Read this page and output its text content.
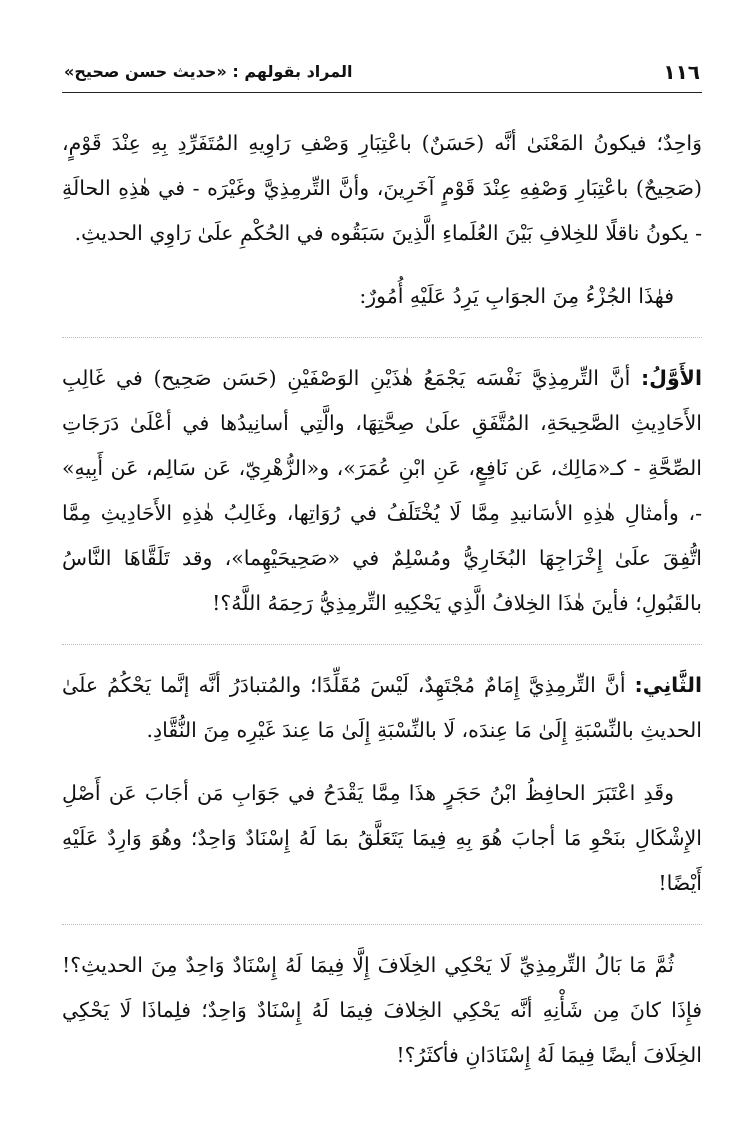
١١٦
المراد بقولهم : «حديث حسن صحيح»

وَاحِدٌ؛ فيكونُ المَعْنَىٰ أنَّه (حَسَنٌ) باعْتِبَارِ وَصْفِ رَاوِيهِ المُتَفَرِّدِ بِهِ عِنْدَ قَوْمٍ، (صَحِيحٌ) باعْتِبَارِ وَصْفِهِ عِنْدَ قَوْمٍ آخَرِينَ، وأنَّ التِّرمِذِيَّ وغَيْرَه - في هٰذِهِ الحالَةِ - يكونُ ناقلًا للخِلافِ بَيْنَ العُلَماءِ الَّذِينَ سَبَقُوه في الحُكْمِ علَىٰ رَاوِي الحديثِ.

فهٰذَا الجُزْءُ مِنَ الجوَابِ يَرِدُ عَلَيْهِ أُمُورٌ:

الأَوَّلُ: أنَّ التِّرمِذِيَّ نَفْسَه يَجْمَعُ هٰذَيْنِ الوَصْفَيْنِ (حَسَن صَحِيح) في غَالِبِ الأَحَادِيثِ الصَّحِيحَةِ، المُتَّفَقِ علَىٰ صِحَّتِهَا، والَّتِي أسانِيدُها في أعْلَىٰ دَرَجَاتِ الصِّحَّةِ - كـ«مَالِك، عَن نَافِعٍ، عَنِ ابْنِ عُمَرَ»، و«الزُّهْرِيّ، عَن سَالِم، عَن أَبِيهِ» -، وأمثالِ هٰذِهِ الأسَانيدِ مِمَّا لَا يُخْتَلَفُ في رُوَاتِها، وغَالِبُ هٰذِهِ الأَحَادِيثِ مِمَّا اتُّفِقَ علَىٰ إِخْرَاجِهَا البُخَارِيُّ ومُسْلِمٌ في «صَحِيحَيْهِما»، وقد تَلَقَّاهَا النَّاسُ بالقَبُولِ؛ فأينَ هٰذَا الخِلافُ الَّذِي يَحْكِيهِ التِّرمِذِيُّ رَحِمَهُ اللَّهُ؟!

الثَّانِي: أنَّ التِّرمِذِيَّ إِمَامٌ مُجْتَهِدٌ، لَيْسَ مُقَلِّدًا؛ والمُتبادَرُ أنَّه إنَّما يَحْكُمُ علَىٰ الحديثِ بالنِّسْبَةِ إِلَىٰ مَا عِندَه، لَا بالنِّسْبَةِ إِلَىٰ مَا عِندَ غَيْرِه مِنَ النُّقَّادِ.

وقَدِ اعْتَبَرَ الحافِظُ ابْنُ حَجَرٍ هذَا مِمَّا يَقْدَحُ في جَوَابِ مَن أجَابَ عَن أَصْلِ الإِشْكَالِ بنَحْوِ مَا أجابَ هُوَ بِهِ فِيمَا يَتَعَلَّقُ بمَا لَهُ إِسْنَادٌ وَاحِدٌ؛ وهُوَ وَارِدٌ عَلَيْهِ أَيْضًا!

ثُمَّ مَا بَالُ التِّرمِذِيِّ لَا يَحْكِي الخِلَافَ إِلَّا فِيمَا لَهُ إِسْنَادٌ وَاحِدٌ مِنَ الحديثِ؟! فإِذَا كانَ مِن شَأْنِهِ أنَّه يَحْكِي الخِلافَ فِيمَا لَهُ إِسْنَادٌ وَاحِدٌ؛ فلِماذَا لَا يَحْكِي الخِلَافَ أيضًا فِيمَا لَهُ إِسْنَادَانِ فأكثَرُ؟!
